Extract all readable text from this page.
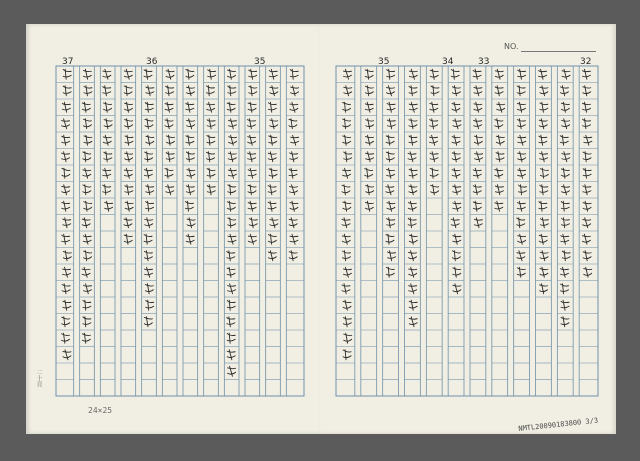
37	36	35
24×25
二十頁
33
34
35	32
NO.
NMTL20090183800 3/3
